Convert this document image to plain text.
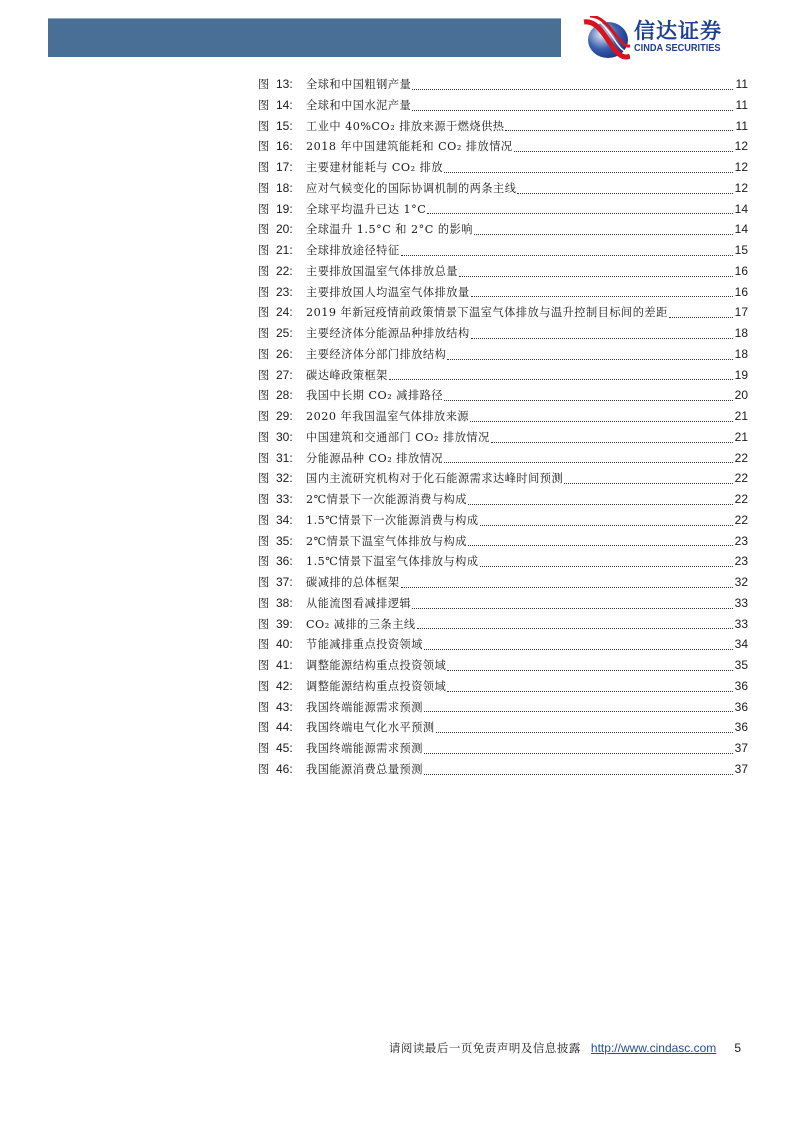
信达证券
CINDA SECURITIES
图 13:	全球和中国粗钢产量	11
图 14:	全球和中国水泥产量	11
图 15:	工业中 40%CO₂ 排放来源于燃烧供热	11
图 16:	2018 年中国建筑能耗和 CO₂ 排放情况	12
图 17:	主要建材能耗与 CO₂ 排放	12
图 18:	应对气候变化的国际协调机制的两条主线	12
图 19:	全球平均温升已达 1°C	14
图 20:	全球温升 1.5°C 和 2°C 的影响	14
图 21:	全球排放途径特征	15
图 22:	主要排放国温室气体排放总量	16
图 23:	主要排放国人均温室气体排放量	16
图 24:	2019 年新冠疫情前政策情景下温室气体排放与温升控制目标间的差距	17
图 25:	主要经济体分能源品种排放结构	18
图 26:	主要经济体分部门排放结构	18
图 27:	碳达峰政策框架	19
图 28:	我国中长期 CO₂ 减排路径	20
图 29:	2020 年我国温室气体排放来源	21
图 30:	中国建筑和交通部门 CO₂ 排放情况	21
图 31:	分能源品种 CO₂ 排放情况	22
图 32:	国内主流研究机构对于化石能源需求达峰时间预测	22
图 33:	2℃情景下一次能源消费与构成	22
图 34:	1.5℃情景下一次能源消费与构成	22
图 35:	2℃情景下温室气体排放与构成	23
图 36:	1.5℃情景下温室气体排放与构成	23
图 37:	碳减排的总体框架	32
图 38:	从能流图看减排逻辑	33
图 39:	CO₂ 减排的三条主线	33
图 40:	节能减排重点投资领域	34
图 41:	调整能源结构重点投资领域	35
图 42:	调整能源结构重点投资领域	36
图 43:	我国终端能源需求预测	36
图 44:	我国终端电气化水平预测	36
图 45:	我国终端能源需求预测	37
图 46:	我国能源消费总量预测	37
请阅读最后一页免责声明及信息披露 http://www.cindasc.com 5
